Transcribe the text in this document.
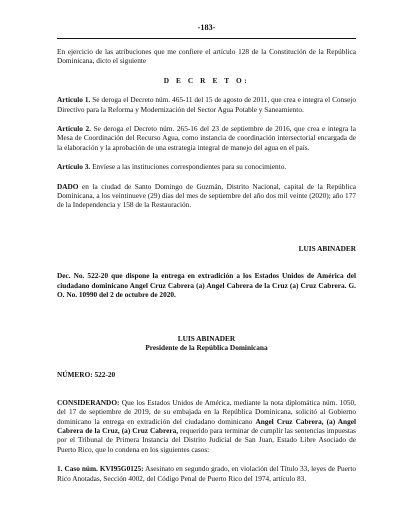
-183-

En ejercicio de las atribuciones que me confiere el artículo 128 de la Constitución de la República Dominicana, dicto el siguiente

D E C R E T O:

Artículo 1. Se deroga el Decreto núm. 465-11 del 15 de agosto de 2011, que crea e integra el Consejo Directivo para la Reforma y Modernización del Sector Agua Potable y Saneamiento.

Artículo 2. Se deroga el Decreto núm. 265-16 del 23 de septiembre de 2016, que crea e integra la Mesa de Coordinación del Recurso Agua, como instancia de coordinación intersectorial encargada de la elaboración y la aprobación de una estrategia integral de manejo del agua en el país.

Artículo 3. Envíese a las instituciones correspondientes para su conocimiento.

DADO en la ciudad de Santo Domingo de Guzmán, Distrito Nacional, capital de la República Dominicana, a los veintinueve (29) días del mes de septiembre del año dos mil veinte (2020); año 177 de la Independencia y 158 de la Restauración.

LUIS ABINADER

Dec. No. 522-20 que dispone la entrega en extradición a los Estados Unidos de América del ciudadano dominicano Angel Cruz Cabrera (a) Angel Cabrera de la Cruz (a) Cruz Cabrera. G. O. No. 10990 del 2 de octubre de 2020.

LUIS ABINADER

Presidente de la República Dominicana

NÚMERO: 522-20

CONSIDERANDO: Que los Estados Unidos de América, mediante la nota diplomática núm. 1050, del 17 de septiembre de 2019, de su embajada en la República Dominicana, solicitó al Gobierno dominicano la entrega en extradición del ciudadano dominicano Angel Cruz Cabrera, (a) Angel Cabrera de la Cruz, (a) Cruz Cabrera, requerido para terminar de cumplir las sentencias impuestas por el Tribunal de Primera Instancia del Distrito Judicial de San Juan, Estado Libre Asociado de Puerto Rico, que lo condena en los siguientes casos:

1. Caso núm. KVI95G0125: Asesinato en segundo grado, en violación del Título 33, leyes de Puerto Rico Anotadas, Sección 4002, del Código Penal de Puerto Rico del 1974, artículo 83.
